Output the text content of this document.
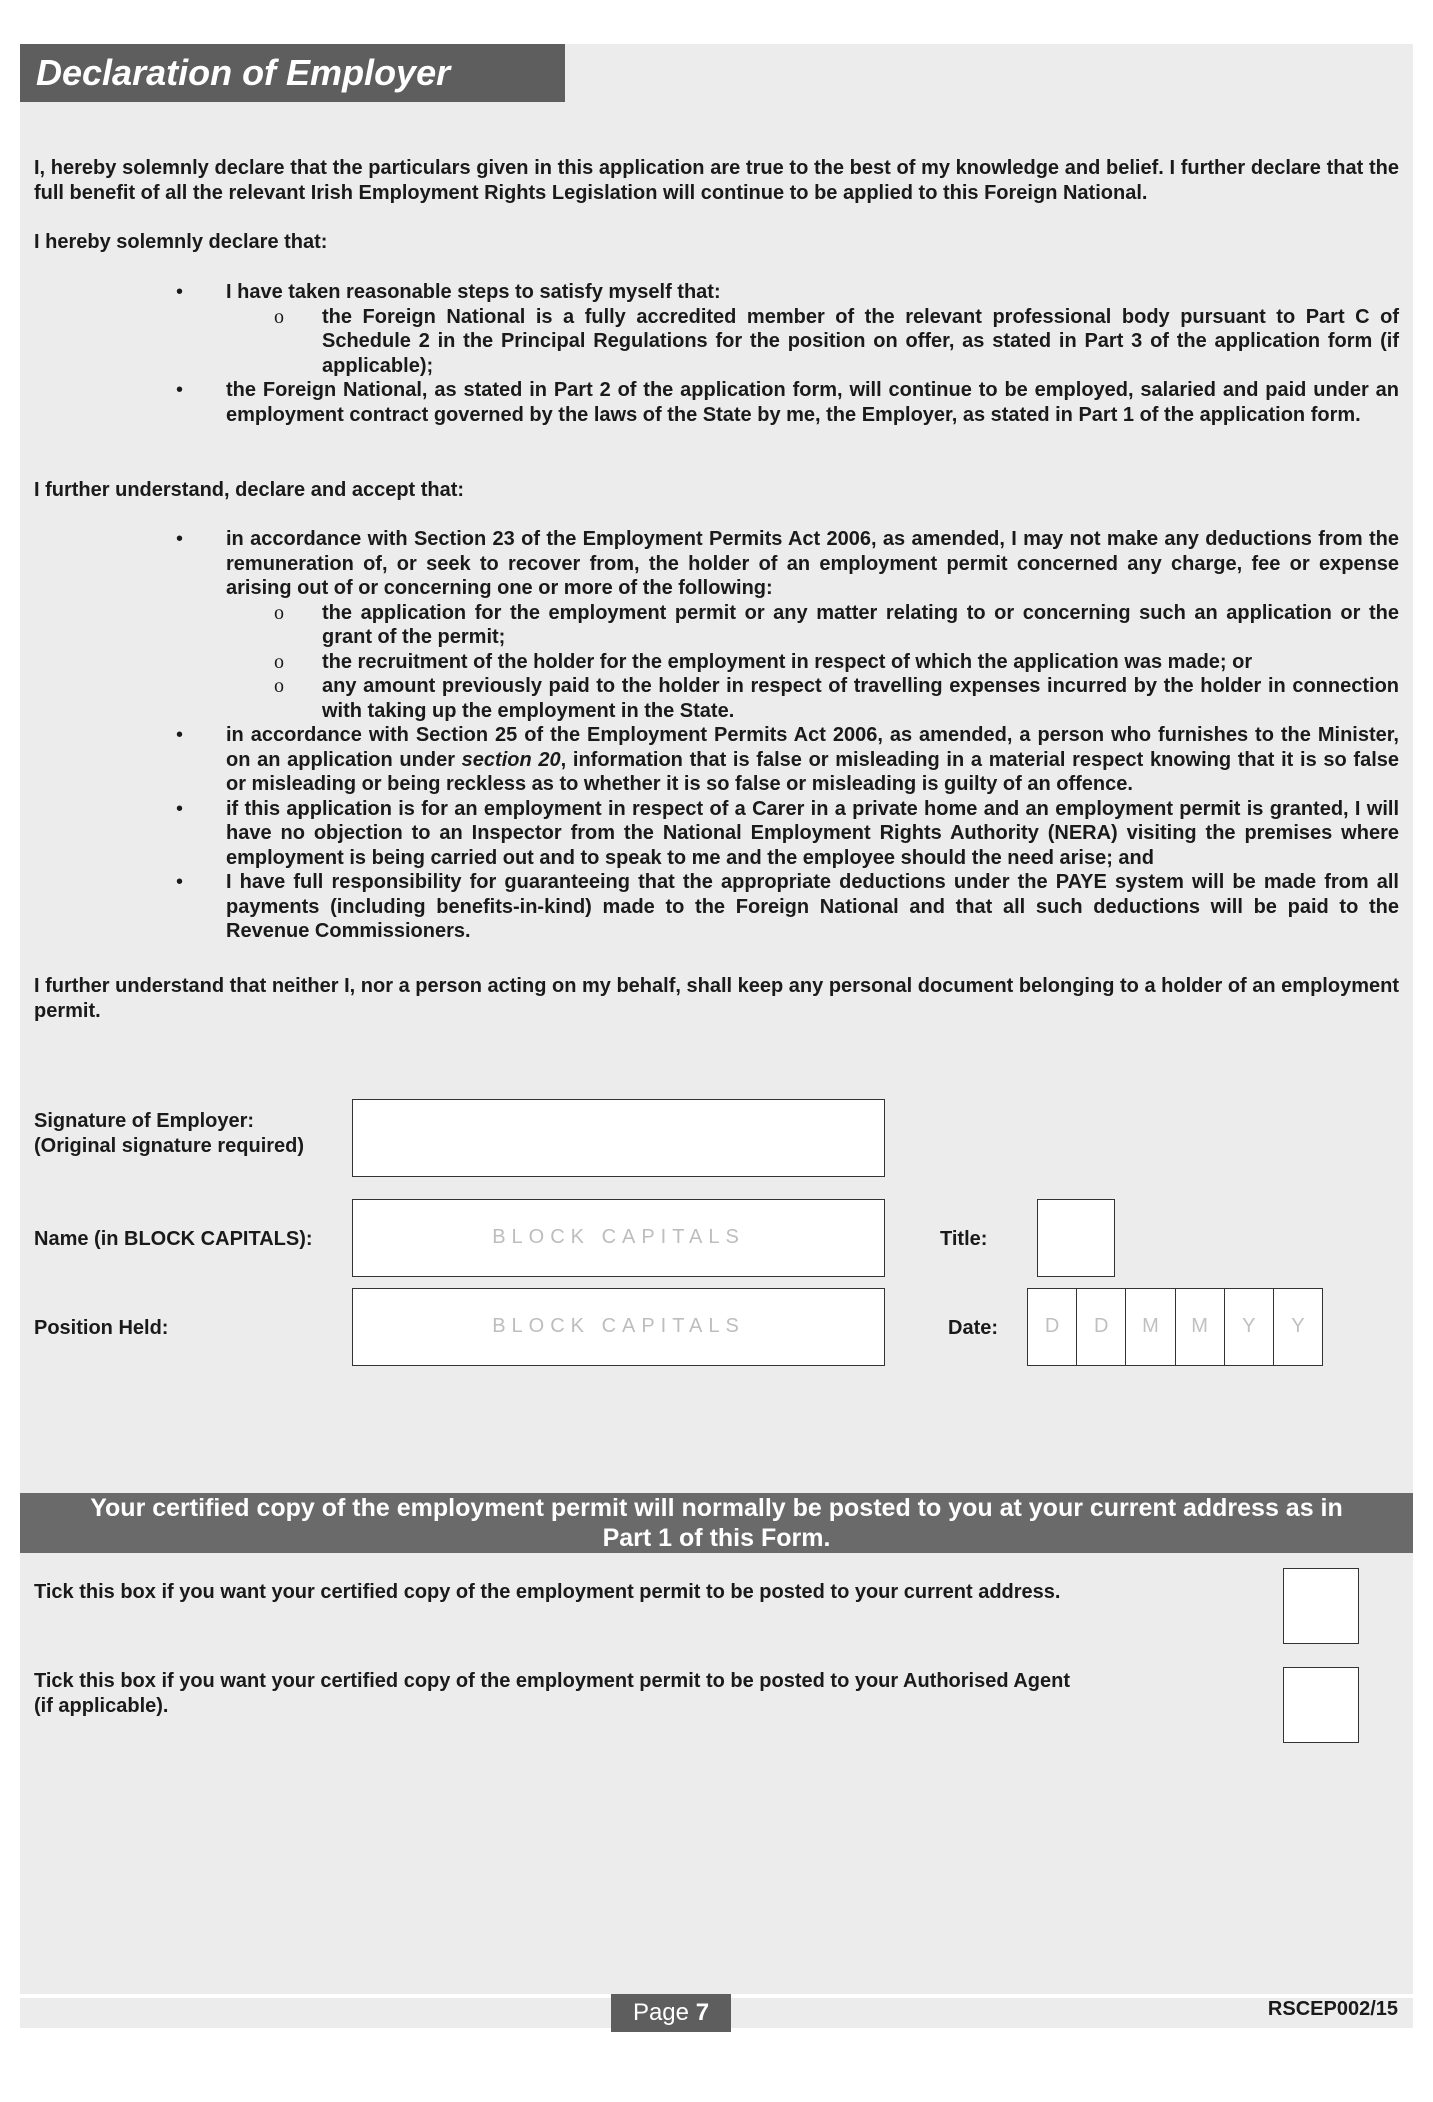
Declaration of Employer
I, hereby solemnly declare that the particulars given in this application are true to the best of my knowledge and belief. I further declare that the full benefit of all the relevant Irish Employment Rights Legislation will continue to be applied to this Foreign National.
I hereby solemnly declare that:
• I have taken reasonable steps to satisfy myself that:
o the Foreign National is a fully accredited member of the relevant professional body pursuant to Part C of Schedule 2 in the Principal Regulations for the position on offer, as stated in Part 3 of the application form (if applicable);
• the Foreign National, as stated in Part 2 of the application form, will continue to be employed, salaried and paid under an employment contract governed by the laws of the State by me, the Employer, as stated in Part 1 of the application form.
I further understand, declare and accept that:
• in accordance with Section 23 of the Employment Permits Act 2006, as amended, I may not make any deductions from the remuneration of, or seek to recover from, the holder of an employment permit concerned any charge, fee or expense arising out of or concerning one or more of the following:
o the application for the employment permit or any matter relating to or concerning such an application or the grant of the permit;
o the recruitment of the holder for the employment in respect of which the application was made; or
o any amount previously paid to the holder in respect of travelling expenses incurred by the holder in connection with taking up the employment in the State.
• in accordance with Section 25 of the Employment Permits Act 2006, as amended, a person who furnishes to the Minister, on an application under section 20, information that is false or misleading in a material respect knowing that it is so false or misleading or being reckless as to whether it is so false or misleading is guilty of an offence.
• if this application is for an employment in respect of a Carer in a private home and an employment permit is granted, I will have no objection to an Inspector from the National Employment Rights Authority (NERA) visiting the premises where employment is being carried out and to speak to me and the employee should the need arise; and
• I have full responsibility for guaranteeing that the appropriate deductions under the PAYE system will be made from all payments (including benefits-in-kind) made to the Foreign National and that all such deductions will be paid to the Revenue Commissioners.
I further understand that neither I, nor a person acting on my behalf, shall keep any personal document belonging to a holder of an employment permit.
Signature of Employer:
(Original signature required)
Name (in BLOCK CAPITALS):	BLOCK CAPITALS	Title:
Position Held:	BLOCK CAPITALS	Date:	D	D	M	M	Y	Y
Your certified copy of the employment permit will normally be posted to you at your current address as in
Part 1 of this Form.
Tick this box if you want your certified copy of the employment permit to be posted to your current address.
Tick this box if you want your certified copy of the employment permit to be posted to your Authorised Agent
(if applicable).
Page 7	RSCEP002/15
